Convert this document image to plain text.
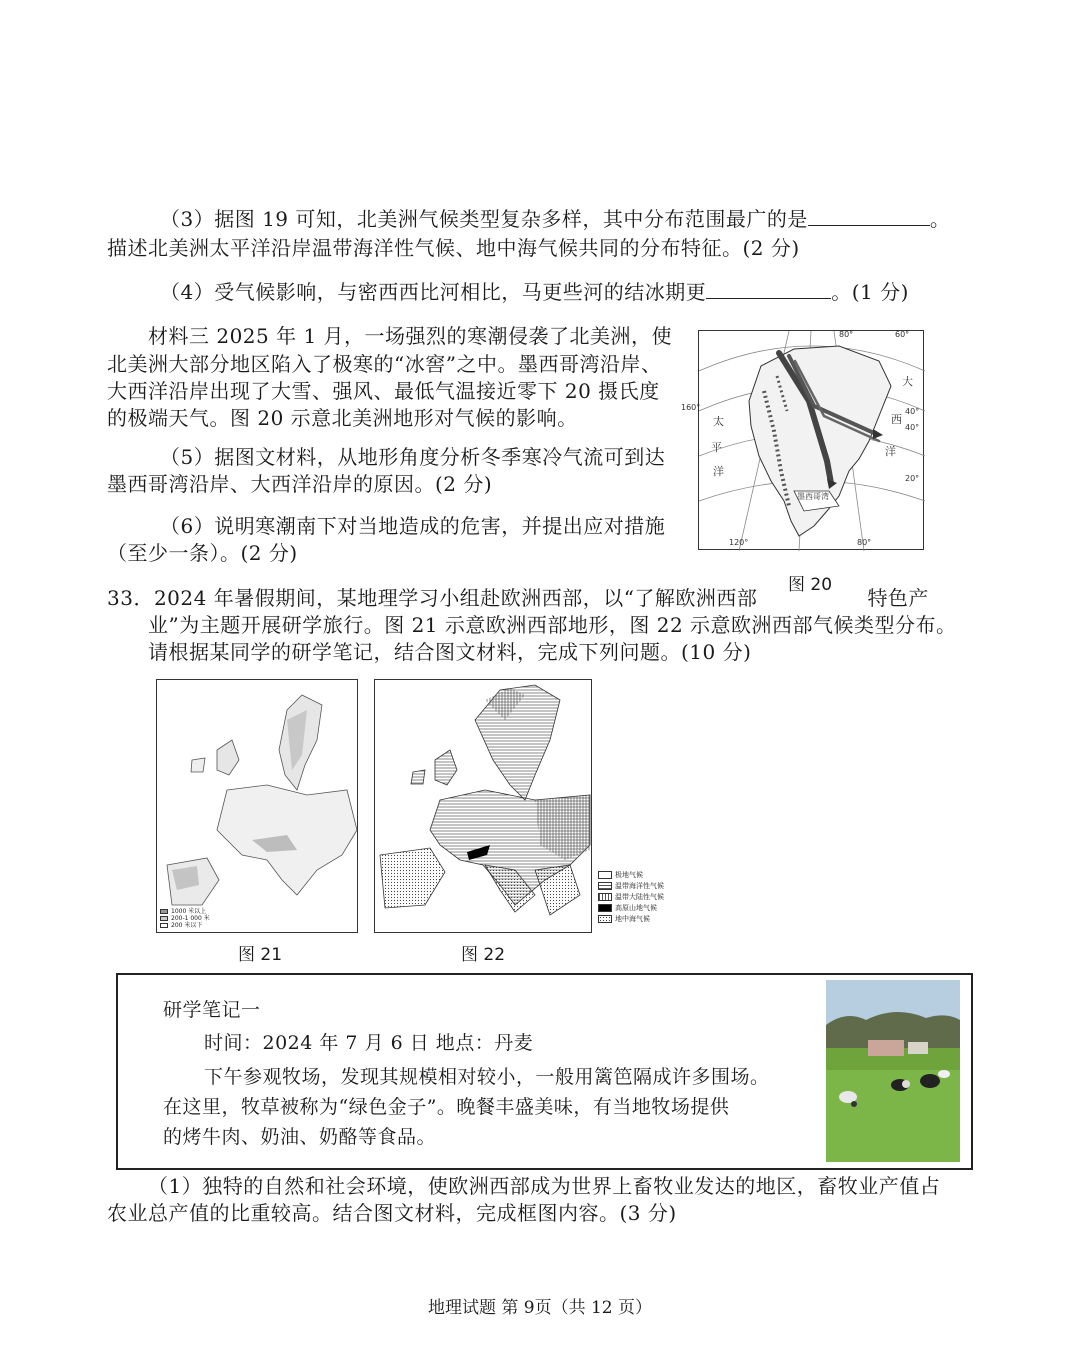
（3）据图 19 可知，北美洲气候类型复杂多样，其中分布范围最广的是	。
描述北美洲太平洋沿岸温带海洋性气候、地中海气候共同的分布特征。(2 分)
（4）受气候影响，与密西西比河相比，马更些河的结冰期更	。(1 分)
材料三 2025 年 1 月，一场强烈的寒潮侵袭了北美洲，使
北美洲大部分地区陷入了极寒的“冰窖”之中。墨西哥湾沿岸、
大西洋沿岸出现了大雪、强风、最低气温接近零下 20 摄氏度
的极端天气。图 20 示意北美洲地形对气候的影响。
（5）据图文材料，从地形角度分析冬季寒冷气流可到达
墨西哥湾沿岸、大西洋沿岸的原因。(2 分)
（6）说明寒潮南下对当地造成的危害，并提出应对措施
（至少一条）。(2 分)
80°	60°
160°	40°
40°
20°
120°	80°
大
西
洋
太
平
洋
墨西哥湾
图 20
33．2024 年暑假期间，某地理学习小组赴欧洲西部，以“了解欧洲西部	特色产
业”为主题开展研学旅行。图 21 示意欧洲西部地形，图 22 示意欧洲西部气候类型分布。
请根据某同学的研学笔记，结合图文材料，完成下列问题。(10 分)
1000 米以上
200-1 000 米
200 米以下
图 21
极地气候
温带海洋性气候
温带大陆性气候
高原山地气候
地中海气候
图 22
研学笔记一
时间：2024 年 7 月 6 日 地点：丹麦
下午参观牧场，发现其规模相对较小，一般用篱笆隔成许多围场。
在这里，牧草被称为“绿色金子”。晚餐丰盛美味，有当地牧场提供
的烤牛肉、奶油、奶酪等食品。
（1）独特的自然和社会环境，使欧洲西部成为世界上畜牧业发达的地区，畜牧业产值占
农业总产值的比重较高。结合图文材料，完成框图内容。(3 分)
地理试题 第 9页（共 12 页）
